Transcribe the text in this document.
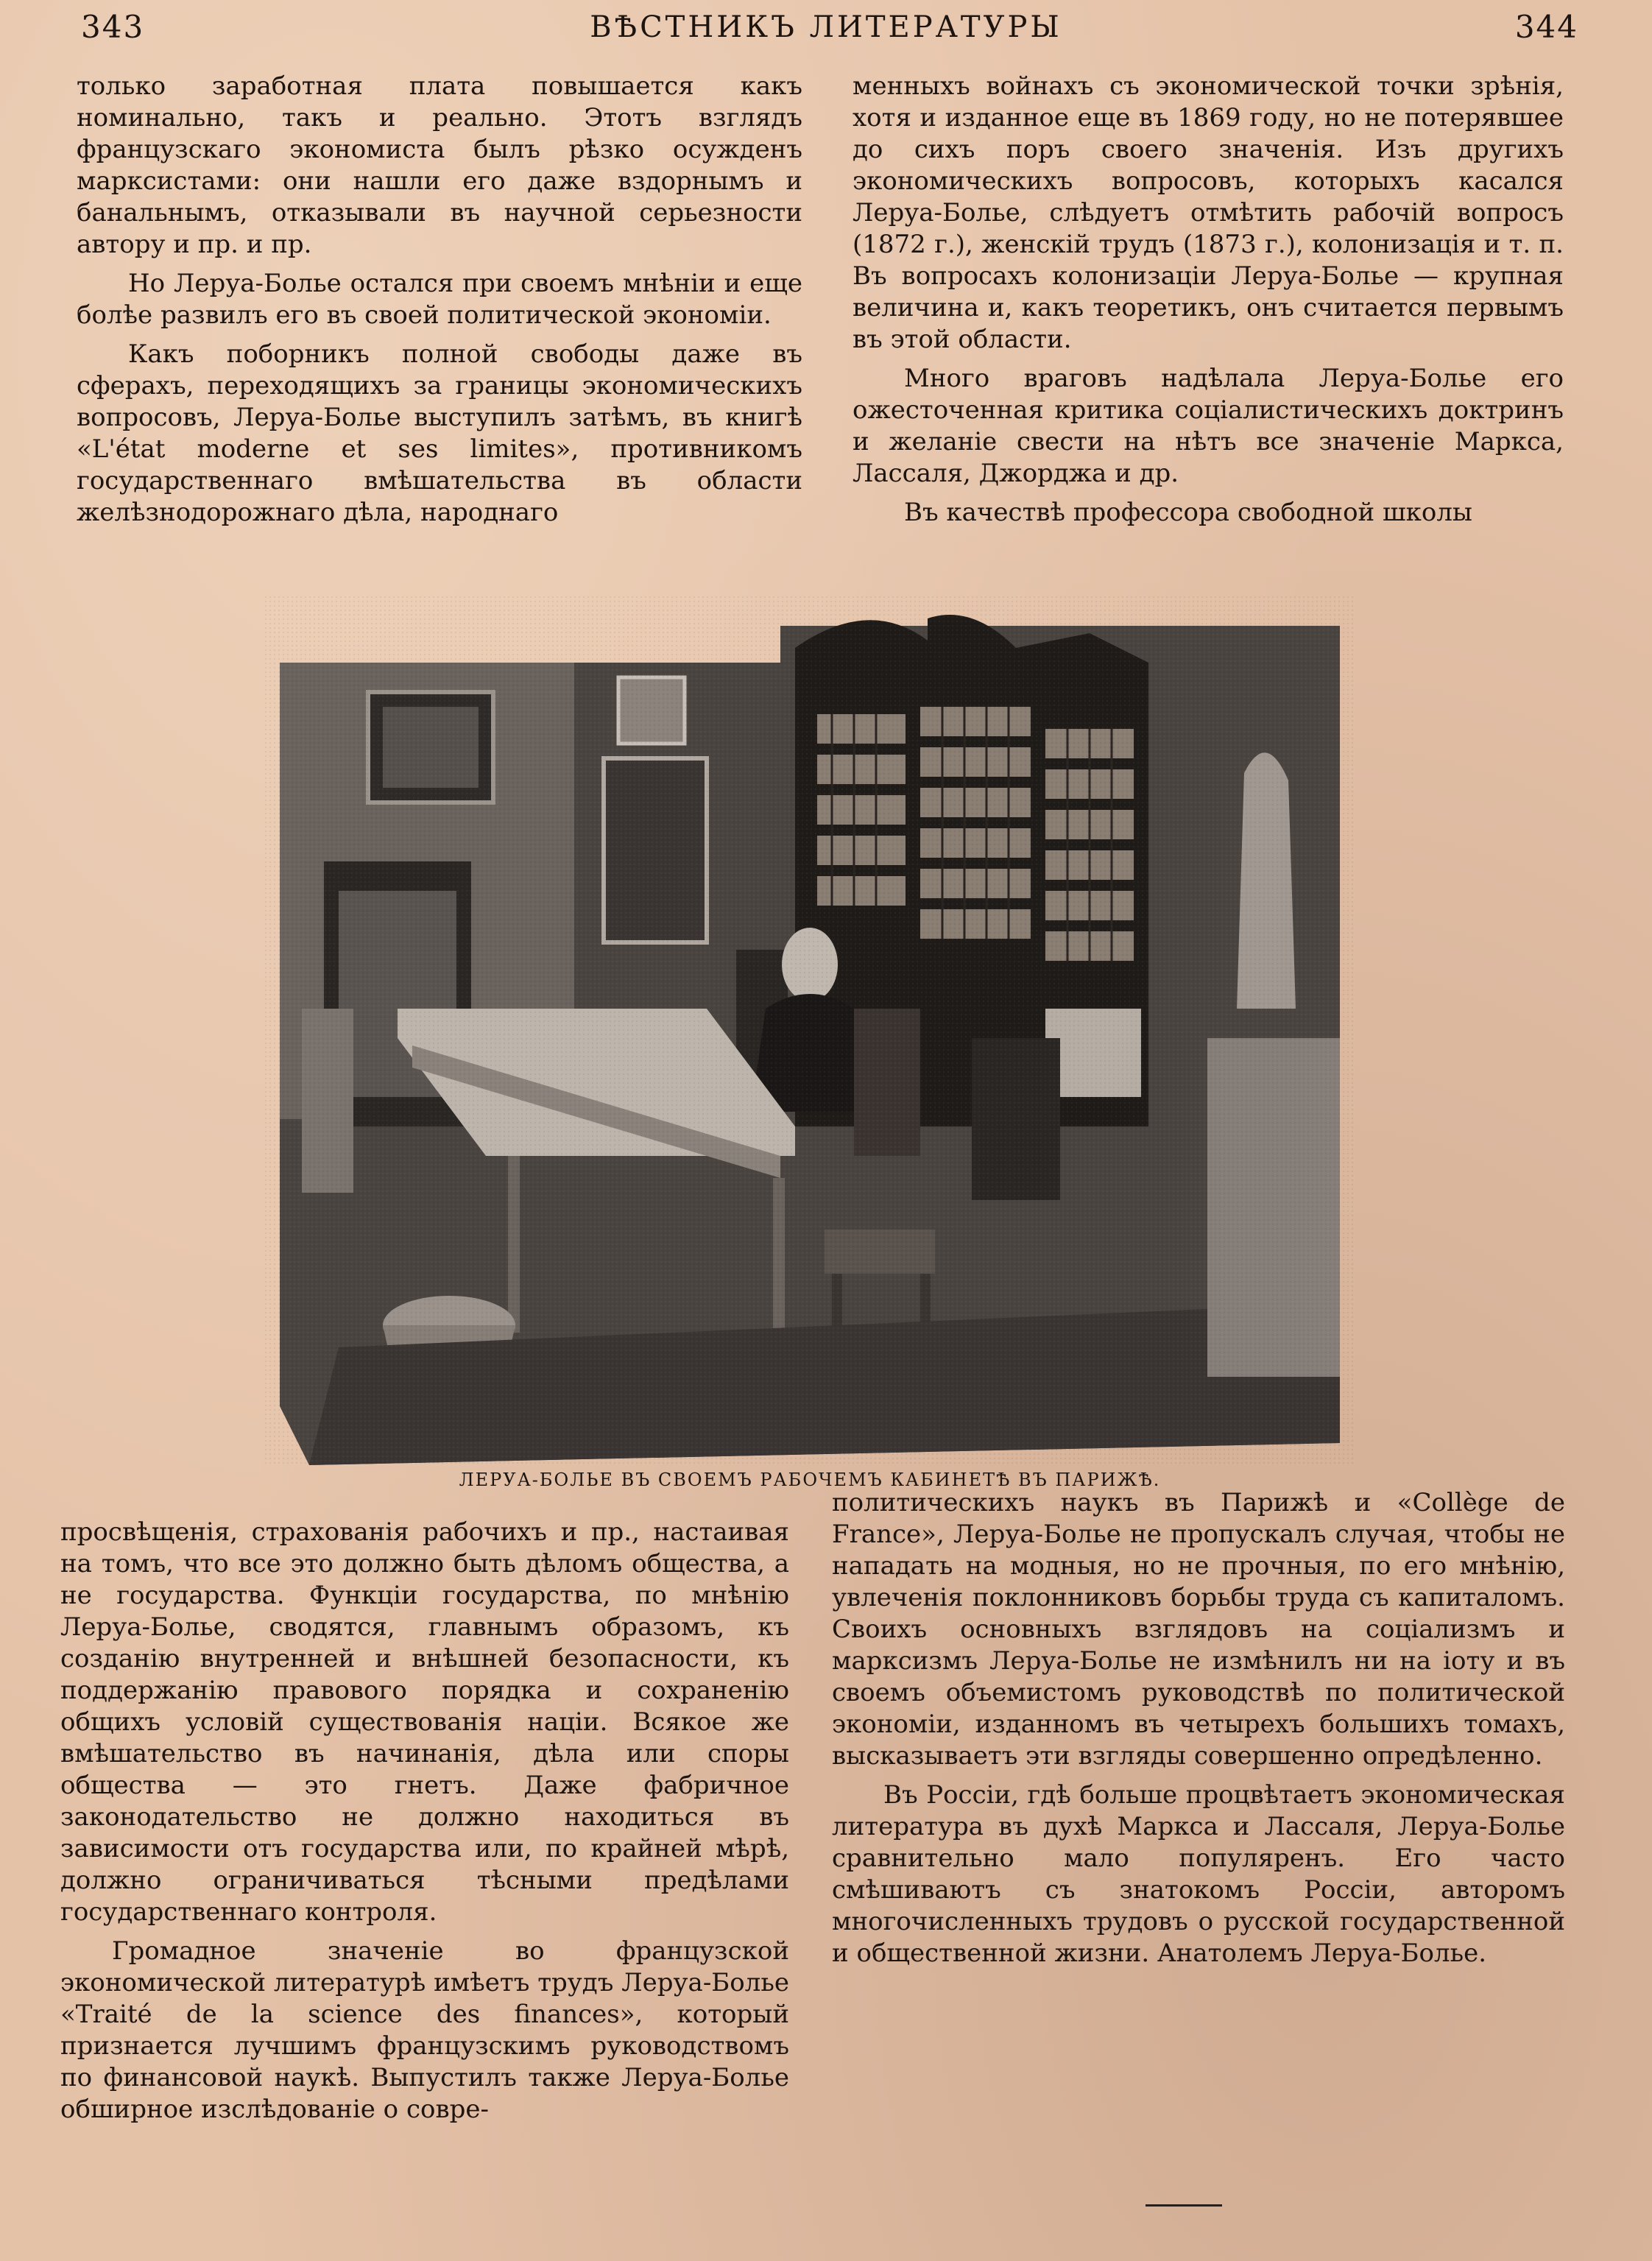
343	ВѢСТНИКЪ ЛИТЕРАТУРЫ	344

только заработная плата повышается какъ номинально, такъ и реально. Этотъ взглядъ французскаго экономиста былъ рѣзко осужденъ марксистами: они нашли его даже вздорнымъ и банальнымъ, отказывали въ научной серьезности автору и пр. и пр.

Но Леруа-Болье остался при своемъ мнѣніи и еще болѣе развилъ его въ своей политической экономіи.

Какъ поборникъ полной свободы даже въ сферахъ, переходящихъ за границы экономическихъ вопросовъ, Леруа-Болье выступилъ затѣмъ, въ книгѣ «L'état moderne et ses limites», противникомъ государственнаго вмѣшательства въ области желѣзнодорожнаго дѣла, народнаго

менныхъ войнахъ съ экономической точки зрѣнія, хотя и изданное еще въ 1869 году, но не потерявшее до сихъ поръ своего значенія. Изъ другихъ экономическихъ вопросовъ, которыхъ касался Леруа-Болье, слѣдуетъ отмѣтить рабочій вопросъ (1872 г.), женскій трудъ (1873 г.), колонизація и т. п. Въ вопросахъ колонизаціи Леруа-Болье — крупная величина и, какъ теоретикъ, онъ считается первымъ въ этой области.

Много враговъ надѣлала Леруа-Болье его ожесточенная критика соціалистическихъ доктринъ и желаніе свести на нѣтъ все значеніе Маркса, Лассаля, Джорджа и др.

Въ качествѣ профессора свободной школы

ЛЕРУА-БОЛЬЕ ВЪ СВОЕМЪ РАБОЧЕМЪ КАБИНЕТѢ ВЪ ПАРИЖѢ.

просвѣщенія, страхованія рабочихъ и пр., настаивая на томъ, что все это должно быть дѣломъ общества, а не государства. Функціи государства, по мнѣнію Леруа-Болье, сводятся, главнымъ образомъ, къ созданію внутренней и внѣшней безопасности, къ поддержанію правового порядка и сохраненію общихъ условій существованія націи. Всякое же вмѣшательство въ начинанія, дѣла или споры общества — это гнетъ. Даже фабричное законодательство не должно находиться въ зависимости отъ государства или, по крайней мѣрѣ, должно ограничиваться тѣсными предѣлами государственнаго контроля.

Громадное значеніе во французской экономической литературѣ имѣетъ трудъ Леруа-Болье «Traité de la science des finances», который признается лучшимъ французскимъ руководствомъ по финансовой наукѣ. Выпустилъ также Леруа-Болье обширное изслѣдованіе о совре-

политическихъ наукъ въ Парижѣ и «Collège de France», Леруа-Болье не пропускалъ случая, чтобы не нападать на модныя, но не прочныя, по его мнѣнію, увлеченія поклонниковъ борьбы труда съ капиталомъ. Своихъ основныхъ взглядовъ на соціализмъ и марксизмъ Леруа-Болье не измѣнилъ ни на іоту и въ своемъ объемистомъ руководствѣ по политической экономіи, изданномъ въ четырехъ большихъ томахъ, высказываетъ эти взгляды совершенно опредѣленно.

Въ Россіи, гдѣ больше процвѣтаетъ экономическая литература въ духѣ Маркса и Лассаля, Леруа-Болье сравнительно мало популяренъ. Его часто смѣшиваютъ съ знатокомъ Россіи, авторомъ многочисленныхъ трудовъ о русской государственной и общественной жизни. Анатолемъ Леруа-Болье.
